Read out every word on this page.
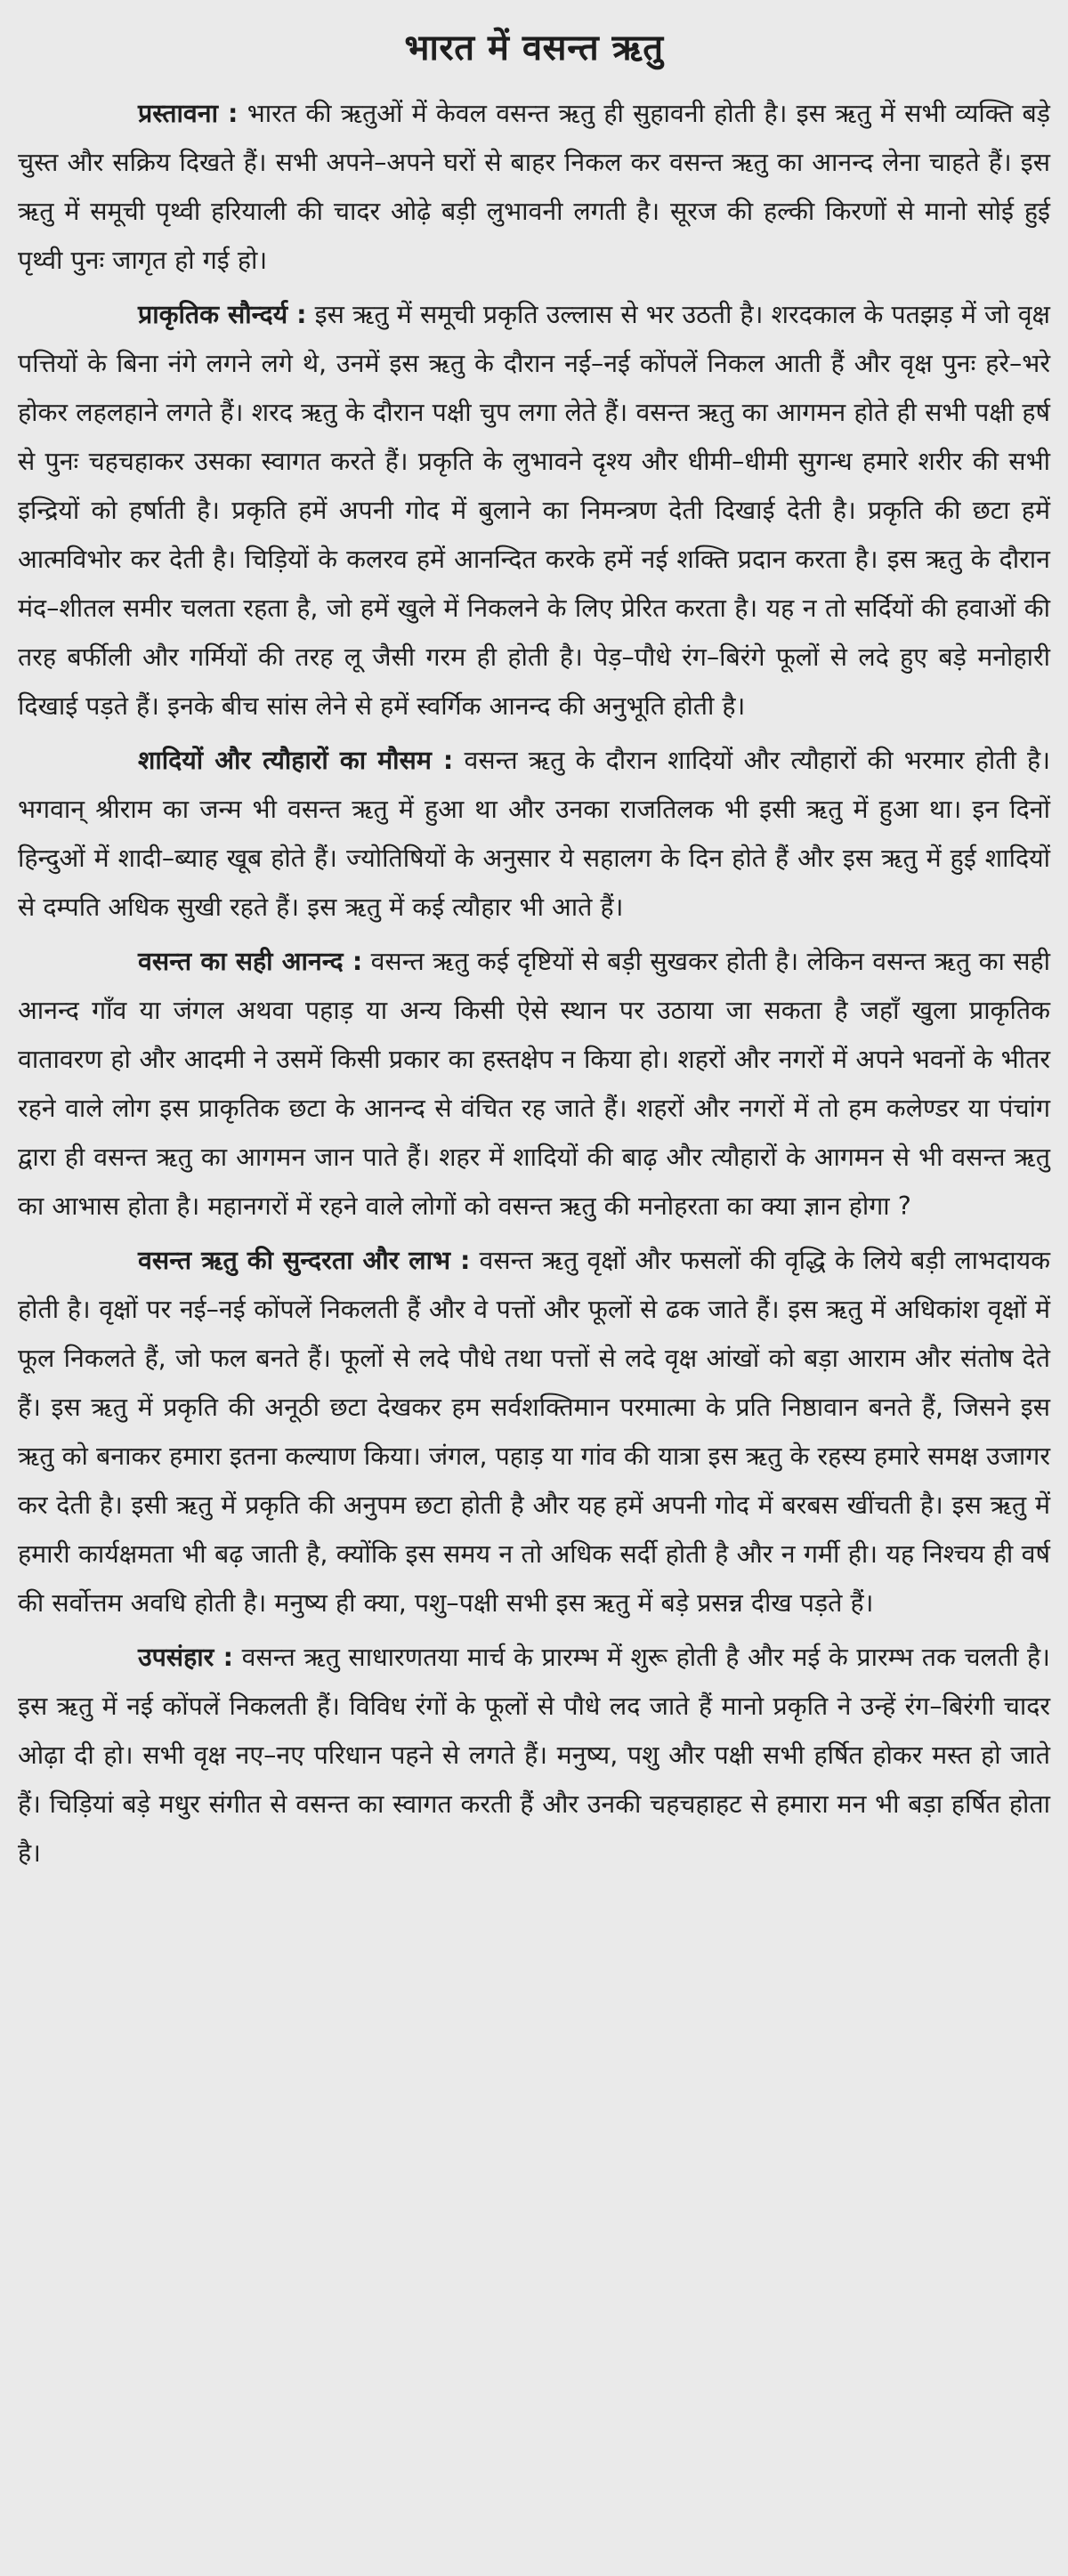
भारत में वसन्त ऋतु

प्रस्तावना : भारत की ऋतुओं में केवल वसन्त ऋतु ही सुहावनी होती है। इस ऋतु में सभी व्यक्ति बड़े चुस्त और सक्रिय दिखते हैं। सभी अपने–अपने घरों से बाहर निकल कर वसन्त ऋतु का आनन्द लेना चाहते हैं। इस ऋतु में समूची पृथ्वी हरियाली की चादर ओढ़े बड़ी लुभावनी लगती है। सूरज की हल्की किरणों से मानो सोई हुई पृथ्वी पुनः जागृत हो गई हो।

प्राकृतिक सौन्दर्य : इस ऋतु में समूची प्रकृति उल्लास से भर उठती है। शरदकाल के पतझड़ में जो वृक्ष पत्तियों के बिना नंगे लगने लगे थे, उनमें इस ऋतु के दौरान नई–नई कोंपलें निकल आती हैं और वृक्ष पुनः हरे–भरे होकर लहलहाने लगते हैं। शरद ऋतु के दौरान पक्षी चुप लगा लेते हैं। वसन्त ऋतु का आगमन होते ही सभी पक्षी हर्ष से पुनः चहचहाकर उसका स्वागत करते हैं। प्रकृति के लुभावने दृश्य और धीमी–धीमी सुगन्ध हमारे शरीर की सभी इन्द्रियों को हर्षाती है। प्रकृति हमें अपनी गोद में बुलाने का निमन्त्रण देती दिखाई देती है। प्रकृति की छटा हमें आत्मविभोर कर देती है। चिड़ियों के कलरव हमें आनन्दित करके हमें नई शक्ति प्रदान करता है। इस ऋतु के दौरान मंद–शीतल समीर चलता रहता है, जो हमें खुले में निकलने के लिए प्रेरित करता है। यह न तो सर्दियों की हवाओं की तरह बर्फीली और गर्मियों की तरह लू जैसी गरम ही होती है। पेड़–पौधे रंग–बिरंगे फूलों से लदे हुए बड़े मनोहारी दिखाई पड़ते हैं। इनके बीच सांस लेने से हमें स्वर्गिक आनन्द की अनुभूति होती है।

शादियों और त्यौहारों का मौसम : वसन्त ऋतु के दौरान शादियों और त्यौहारों की भरमार होती है। भगवान् श्रीराम का जन्म भी वसन्त ऋतु में हुआ था और उनका राजतिलक भी इसी ऋतु में हुआ था। इन दिनों हिन्दुओं में शादी–ब्याह खूब होते हैं। ज्योतिषियों के अनुसार ये सहालग के दिन होते हैं और इस ऋतु में हुई शादियों से दम्पति अधिक सुखी रहते हैं। इस ऋतु में कई त्यौहार भी आते हैं।

वसन्त का सही आनन्द : वसन्त ऋतु कई दृष्टियों से बड़ी सुखकर होती है। लेकिन वसन्त ऋतु का सही आनन्द गाँव या जंगल अथवा पहाड़ या अन्य किसी ऐसे स्थान पर उठाया जा सकता है जहाँ खुला प्राकृतिक वातावरण हो और आदमी ने उसमें किसी प्रकार का हस्तक्षेप न किया हो। शहरों और नगरों में अपने भवनों के भीतर रहने वाले लोग इस प्राकृतिक छटा के आनन्द से वंचित रह जाते हैं। शहरों और नगरों में तो हम कलेण्डर या पंचांग द्वारा ही वसन्त ऋतु का आगमन जान पाते हैं। शहर में शादियों की बाढ़ और त्यौहारों के आगमन से भी वसन्त ऋतु का आभास होता है। महानगरों में रहने वाले लोगों को वसन्त ऋतु की मनोहरता का क्या ज्ञान होगा ?

वसन्त ऋतु की सुन्दरता और लाभ : वसन्त ऋतु वृक्षों और फसलों की वृद्धि के लिये बड़ी लाभदायक होती है। वृक्षों पर नई–नई कोंपलें निकलती हैं और वे पत्तों और फूलों से ढक जाते हैं। इस ऋतु में अधिकांश वृक्षों में फूल निकलते हैं, जो फल बनते हैं। फूलों से लदे पौधे तथा पत्तों से लदे वृक्ष आंखों को बड़ा आराम और संतोष देते हैं। इस ऋतु में प्रकृति की अनूठी छटा देखकर हम सर्वशक्तिमान परमात्मा के प्रति निष्ठावान बनते हैं, जिसने इस ऋतु को बनाकर हमारा इतना कल्याण किया। जंगल, पहाड़ या गांव की यात्रा इस ऋतु के रहस्य हमारे समक्ष उजागर कर देती है। इसी ऋतु में प्रकृति की अनुपम छटा होती है और यह हमें अपनी गोद में बरबस खींचती है। इस ऋतु में हमारी कार्यक्षमता भी बढ़ जाती है, क्योंकि इस समय न तो अधिक सर्दी होती है और न गर्मी ही। यह निश्चय ही वर्ष की सर्वोत्तम अवधि होती है। मनुष्य ही क्या, पशु–पक्षी सभी इस ऋतु में बड़े प्रसन्न दीख पड़ते हैं।

उपसंहार : वसन्त ऋतु साधारणतया मार्च के प्रारम्भ में शुरू होती है और मई के प्रारम्भ तक चलती है। इस ऋतु में नई कोंपलें निकलती हैं। विविध रंगों के फूलों से पौधे लद जाते हैं मानो प्रकृति ने उन्हें रंग–बिरंगी चादर ओढ़ा दी हो। सभी वृक्ष नए–नए परिधान पहने से लगते हैं। मनुष्य, पशु और पक्षी सभी हर्षित होकर मस्त हो जाते हैं। चिड़ियां बड़े मधुर संगीत से वसन्त का स्वागत करती हैं और उनकी चहचहाहट से हमारा मन भी बड़ा हर्षित होता है।
